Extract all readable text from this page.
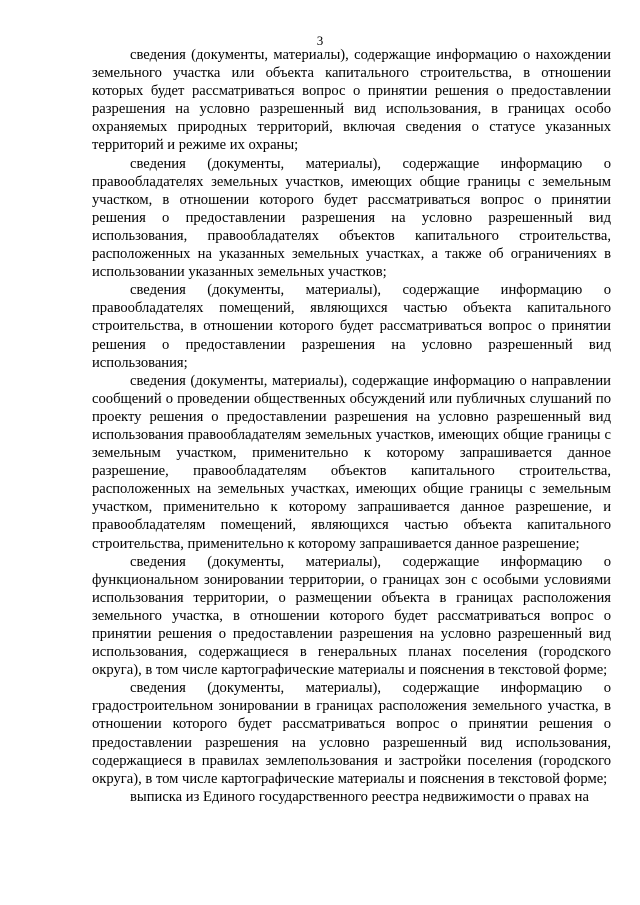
3

сведения (документы, материалы), содержащие информацию о нахождении земельного участка или объекта капитального строительства, в отношении которых будет рассматриваться вопрос о принятии решения о предоставлении разрешения на условно разрешенный вид использования, в границах особо охраняемых природных территорий, включая сведения о статусе указанных территорий и режиме их охраны;

сведения (документы, материалы), содержащие информацию о правообладателях земельных участков, имеющих общие границы с земельным участком, в отношении которого будет рассматриваться вопрос о принятии решения о предоставлении разрешения на условно разрешенный вид использования, правообладателях объектов капитального строительства, расположенных на указанных земельных участках, а также об ограничениях в использовании указанных земельных участков;

сведения (документы, материалы), содержащие информацию о правообладателях помещений, являющихся частью объекта капитального строительства, в отношении которого будет рассматриваться вопрос о принятии решения о предоставлении разрешения на условно разрешенный вид использования;

сведения (документы, материалы), содержащие информацию о направлении сообщений о проведении общественных обсуждений или публичных слушаний по проекту решения о предоставлении разрешения на условно разрешенный вид использования правообладателям земельных участков, имеющих общие границы с земельным участком, применительно к которому запрашивается данное разрешение, правообладателям объектов капитального строительства, расположенных на земельных участках, имеющих общие границы с земельным участком, применительно к которому запрашивается данное разрешение, и правообладателям помещений, являющихся частью объекта капитального строительства, применительно к которому запрашивается данное разрешение;

сведения (документы, материалы), содержащие информацию о функциональном зонировании территории, о границах зон с особыми условиями использования территории, о размещении объекта в границах расположения земельного участка, в отношении которого будет рассматриваться вопрос о принятии решения о предоставлении разрешения на условно разрешенный вид использования, содержащиеся в генеральных планах поселения (городского округа), в том числе картографические материалы и пояснения в текстовой форме;

сведения (документы, материалы), содержащие информацию о градостроительном зонировании в границах расположения земельного участка, в отношении которого будет рассматриваться вопрос о принятии решения о предоставлении разрешения на условно разрешенный вид использования, содержащиеся в правилах землепользования и застройки поселения (городского округа), в том числе картографические материалы и пояснения в текстовой форме;

выписка из Единого государственного реестра недвижимости о правах на
